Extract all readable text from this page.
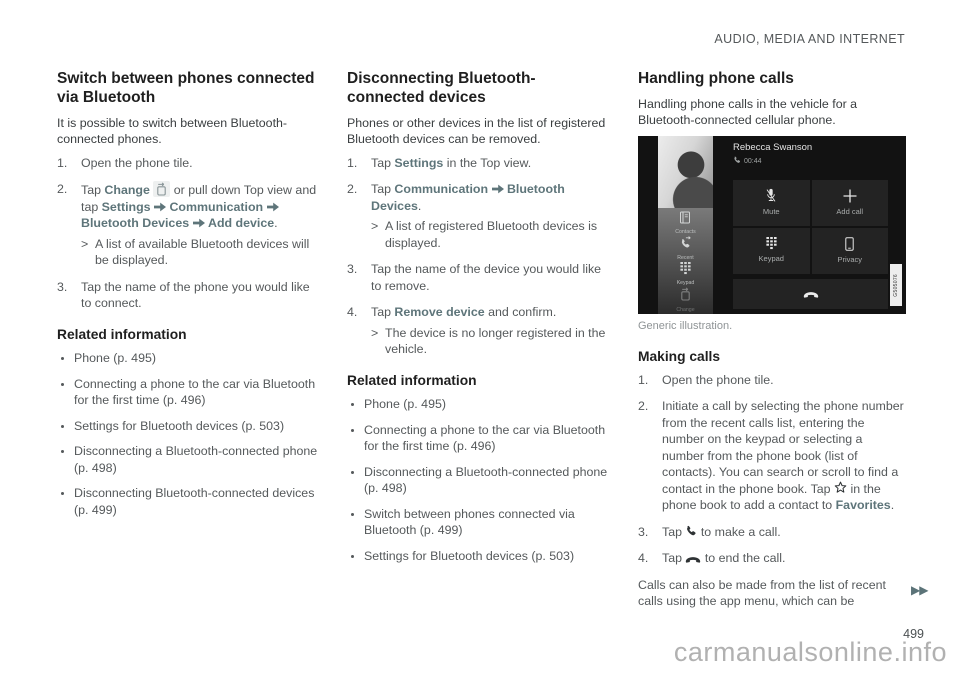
AUDIO, MEDIA AND INTERNET
Switch between phones connected via Bluetooth

It is possible to switch between Bluetooth-connected phones.

1.	Open the phone tile.
2.	Tap Change  or pull down Top view and tap Settings Communication  Bluetooth Devices Add device.
> A list of available Bluetooth devices will be displayed.
3.	Tap the name of the phone you would like to connect.
Related information
• Phone (p. 495)
• Connecting a phone to the car via Bluetooth for the first time (p. 496)
• Settings for Bluetooth devices (p. 503)
• Disconnecting a Bluetooth-connected phone (p. 498)
• Disconnecting Bluetooth-connected devices (p. 499)
Disconnecting Bluetooth-connected devices

Phones or other devices in the list of registered Bluetooth devices can be removed.

1.	Tap Settings in the Top view.
2.	Tap Communication Bluetooth Devices.
> A list of registered Bluetooth devices is displayed.
3.	Tap the name of the device you would like to remove.
4.	Tap Remove device and confirm.
> The device is no longer registered in the vehicle.
Related information
• Phone (p. 495)
• Connecting a phone to the car via Bluetooth for the first time (p. 496)
• Disconnecting a Bluetooth-connected phone (p. 498)
• Switch between phones connected via Bluetooth (p. 499)
• Settings for Bluetooth devices (p. 503)
Handling phone calls

Handling phone calls in the vehicle for a Bluetooth-connected cellular phone.

Contacts
Recent
Keypad
Change
Rebecca Swanson
00:44
Mute	Add call
Keypad	Privacy
G505076

Generic illustration.

Making calls
1.	Open the phone tile.
2.	Initiate a call by selecting the phone number from the recent calls list, entering the number on the keypad or selecting a number from the phone book (list of contacts). You can search or scroll to find a contact in the phone book. Tap  in the phone book to add a contact to Favorites.
3.	Tap  to make a call.
4.	Tap  to end the call.

Calls can also be made from the list of recent calls using the app menu, which can be

▶▶
499
carmanualsonline.info
